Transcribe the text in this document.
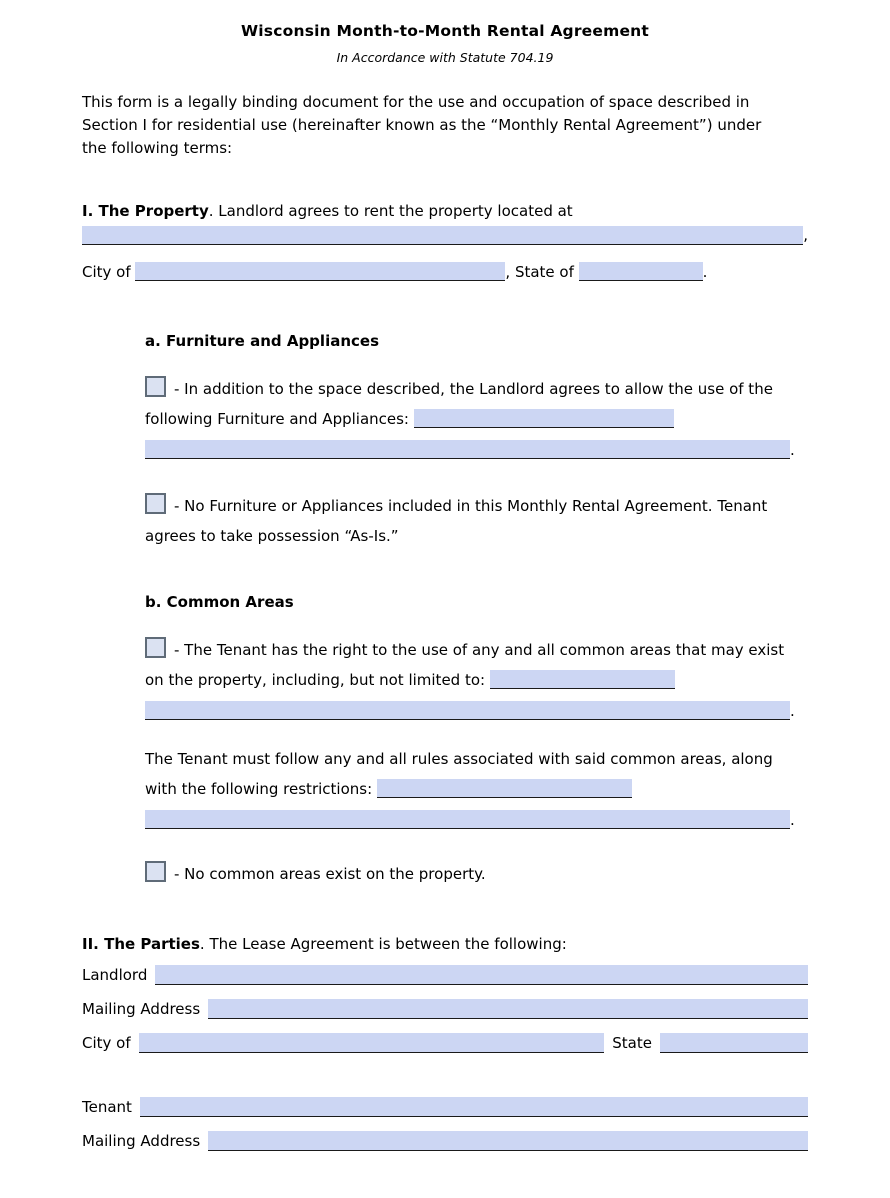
Wisconsin Month-to-Month Rental Agreement

In Accordance with Statute 704.19

This form is a legally binding document for the use and occupation of space described in Section I for residential use (hereinafter known as the “Monthly Rental Agreement”) under the following terms:

I. The Property. Landlord agrees to rent the property located at

,

City of	, State of	.

a. Furniture and Appliances

- In addition to the space described, the Landlord agrees to allow the use of the following Furniture and Appliances:

.

- No Furniture or Appliances included in this Monthly Rental Agreement. Tenant agrees to take possession “As-Is.”

b. Common Areas

- The Tenant has the right to the use of any and all common areas that may exist on the property, including, but not limited to:

.

The Tenant must follow any and all rules associated with said common areas, along with the following restrictions:

.

- No common areas exist on the property.

II. The Parties. The Lease Agreement is between the following:

Landlord
Mailing Address
City of	State
Tenant
Mailing Address
